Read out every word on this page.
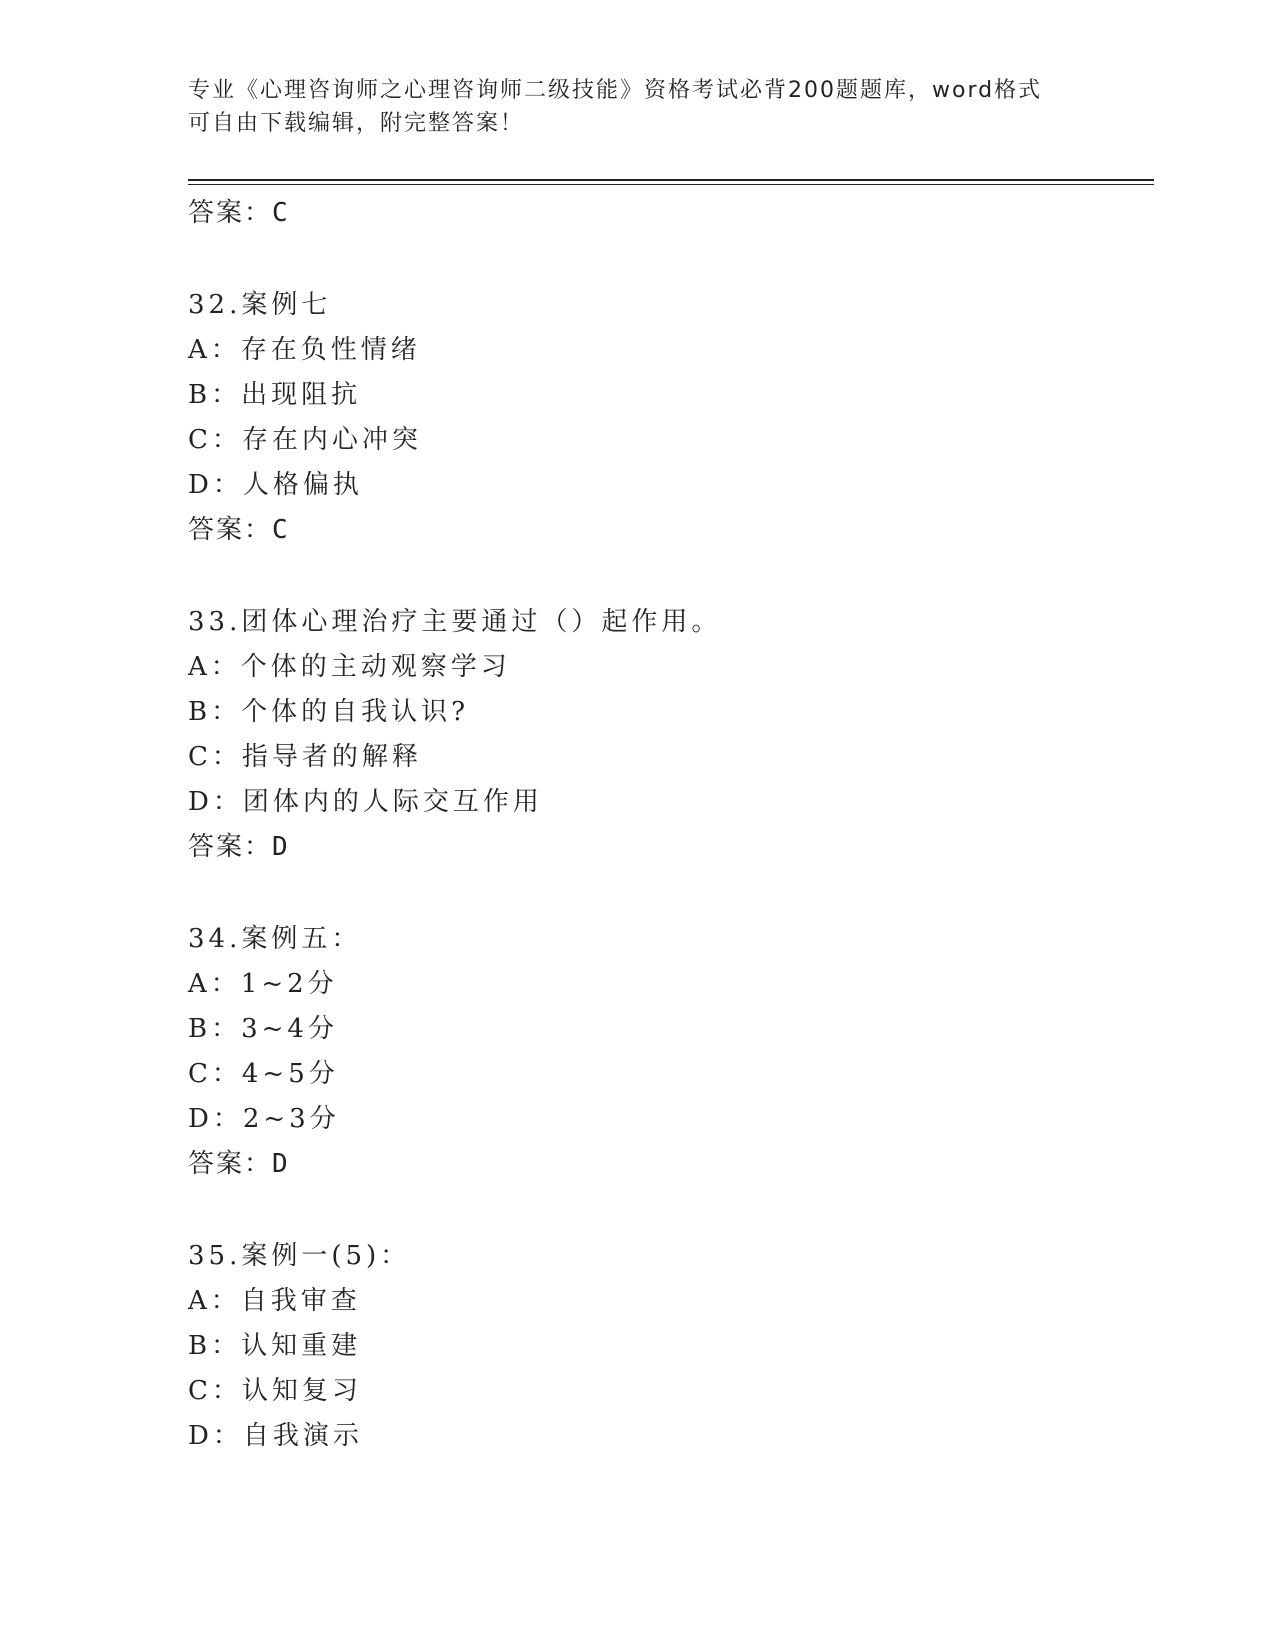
专业《心理咨询师之心理咨询师二级技能》资格考试必背200题题库，word格式
可自由下载编辑，附完整答案！
答案：C
32.案例七
A：存在负性情绪
B：出现阻抗
C：存在内心冲突
D：人格偏执
答案：C
33.团体心理治疗主要通过（）起作用。
A：个体的主动观察学习
B：个体的自我认识?
C：指导者的解释
D：团体内的人际交互作用
答案：D
34.案例五：
A：1~2分
B：3~4分
C：4~5分
D：2~3分
答案：D
35.案例一(5)：
A：自我审查
B：认知重建
C：认知复习
D：自我演示
